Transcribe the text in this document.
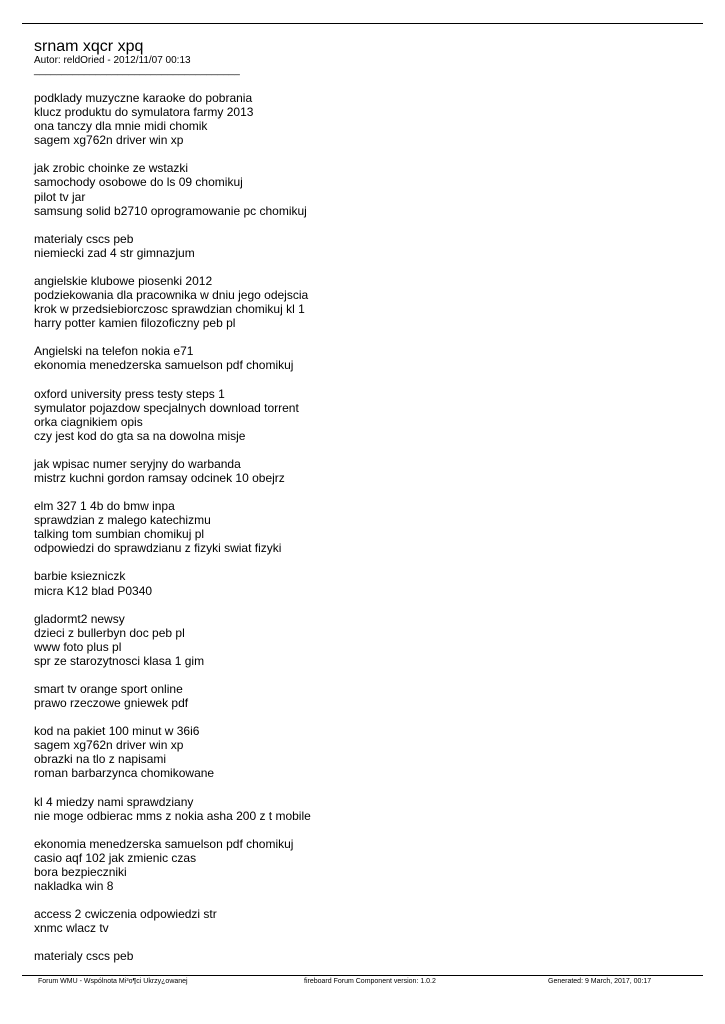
srnam xqcr xpq

Autor: reldOried - 2012/11/07 00:13

_____________________________________

podklady muzyczne karaoke do pobrania

klucz produktu do symulatora farmy 2013

ona tanczy dla mnie midi chomik

sagem xg762n driver win xp

jak zrobic choinke ze wstazki

samochody osobowe do ls 09 chomikuj

pilot tv jar

samsung solid b2710 oprogramowanie pc chomikuj

materialy cscs peb

niemiecki zad 4 str gimnazjum

angielskie klubowe piosenki 2012

podziekowania dla pracownika w dniu jego odejscia

krok w przedsiebiorczosc sprawdzian chomikuj kl 1

harry potter kamien filozoficzny peb pl

Angielski na telefon nokia e71

ekonomia menedzerska samuelson pdf chomikuj

oxford university press testy steps 1

symulator pojazdow specjalnych download torrent

orka ciagnikiem opis

czy jest kod do gta sa na dowolna misje

jak wpisac numer seryjny do warbanda

mistrz kuchni gordon ramsay odcinek 10 obejrz

elm 327 1 4b do bmw inpa

sprawdzian z malego katechizmu

talking tom sumbian chomikuj pl

odpowiedzi do sprawdzianu z fizyki swiat fizyki

barbie ksiezniczk

micra K12 blad P0340

gladormt2 newsy

dzieci z bullerbyn doc peb pl

www foto plus pl

spr ze starozytnosci klasa 1 gim

smart tv orange sport online

prawo rzeczowe gniewek pdf

kod na pakiet 100 minut w 36i6

sagem xg762n driver win xp

obrazki na tlo z napisami

roman barbarzynca chomikowane

kl 4 miedzy nami sprawdziany

nie moge odbierac mms z nokia asha 200 z t mobile

ekonomia menedzerska samuelson pdf chomikuj

casio aqf 102 jak zmienic czas

bora bezpieczniki

nakladka win 8

access 2 cwiczenia odpowiedzi str

xnmc wlacz tv

materialy cscs peb

Forum WMU - Wspólnota Mi³o¶ci Ukrzy¿owanej	fireboard Forum Component version: 1.0.2	Generated: 9 March, 2017, 00:17
